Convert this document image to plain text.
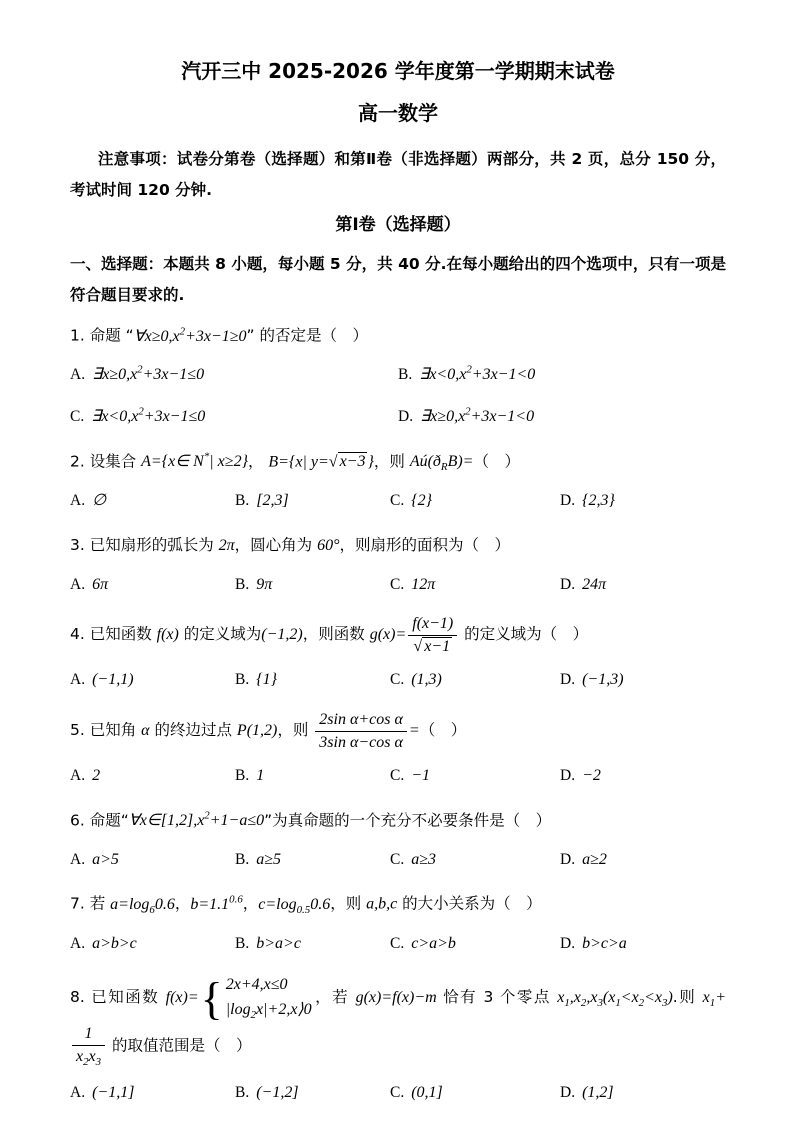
汽开三中 2025-2026 学年度第一学期期末试卷
高一数学
注意事项：试卷分第卷（选择题）和第Ⅱ卷（非选择题）两部分，共 2 页，总分 150 分，考试时间 120 分钟.
第I卷（选择题）
一、选择题：本题共 8 小题，每小题 5 分，共 40 分.在每小题给出的四个选项中，只有一项是符合题目要求的.
1. 命题 “$\forall x\ge 0,x^2+3x-1\ge 0$” 的否定是（　）
A. $\exists x\ge 0,x^2+3x-1\le 0$	B. $\exists x<0,x^2+3x-1<0$
C. $\exists x<0,x^2+3x-1\le 0$	D. $\exists x\ge 0,x^2+3x-1<0$
2. 设集合 A={x∈ N*| x≥2}， B={x| y=√ x−3 }，则 $Aú(ð_RB)=$（　）
A. ∅	B. [2,3]	C. {2}	D. {2,3}
3. 已知扇形的弧长为 2π，圆心角为 60°，则扇形的面积为（　）
A. 6π	B. 9π	C. 12π	D. 24π
4. 已知函数 f(x) 的定义域为(−1,2)，则函数 $g(x)= \frac{f(x-1)}{√ x-1}$ 的定义域为（　）
A. (−1,1)	B. {1}	C. (1,3)	D. (−1,3)
5. 已知角 α 的终边过点 P(1,2)，则 $\frac{\text{2sin α+cos α}}{\text{3sin α−cos α}}$ =（　）
A. 2	B. 1	C. −1	D. −2
6. 命题“$\forall x\in[1,2],x^2+1-a\le 0$”为真命题的一个充分不必要条件是（　）
A. a>5	B. a≥5	C. a≥3	D. a≥2
7. 若 $a=\log_60.6$，$b=1.1^{0.6}$，$c=\log_{0.5}0.6$，则 a,b,c 的大小关系为（　）
A. a>b>c	B. b>a>c	C. c>a>b	D. b>c>a
8. 已知函数 f(x)= { 2x+4,x≤0
$|\log_2x|+2,x⟩0$
，若 g(x)=f(x)−m 恰有 3 个零点 $x_1,x_2,x_3(x_1<x_2<x_3)$.则 $x_1+$
$\frac{1}{x_2x_3}$ 的取值范围是（　）
A. (−1,1]	B. (−1,2]	C. (0,1]	D. (1,2]
